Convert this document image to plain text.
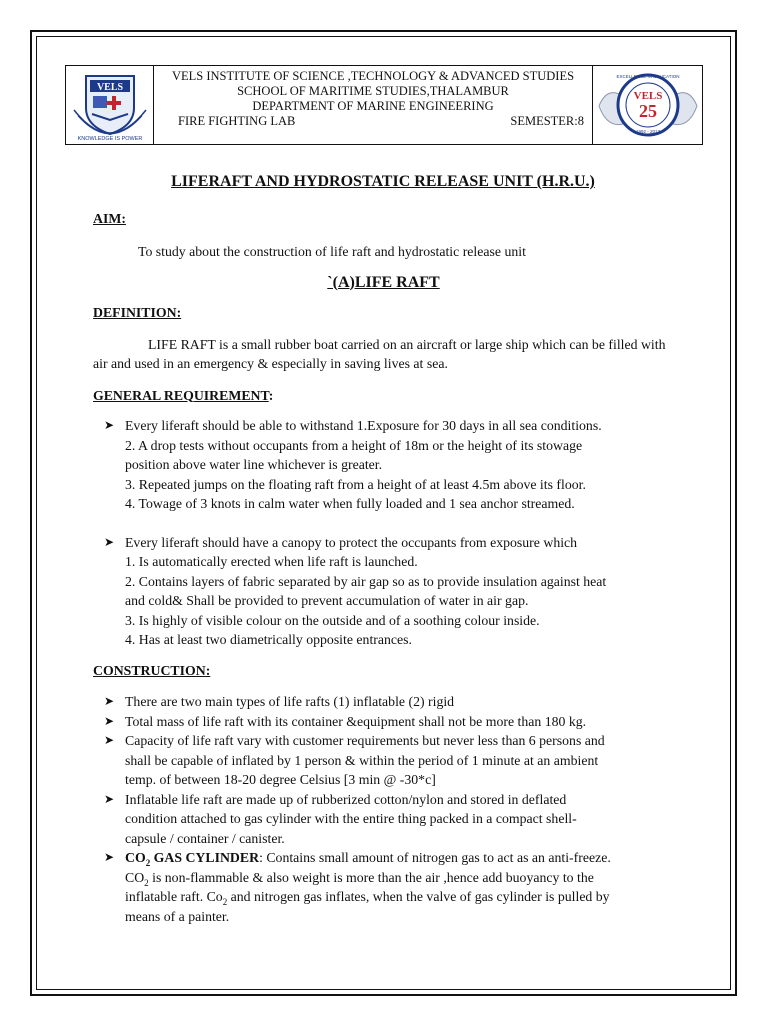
VELS
KNOWLEDGE IS POWER
VELS INSTITUTE OF SCIENCE ,TECHNOLOGY & ADVANCED STUDIES
SCHOOL OF MARITIME STUDIES,THALAMBUR
DEPARTMENT OF MARINE ENGINEERING
FIRE FIGHTING LAB	SEMESTER:8
EXCELLENCE IN EDUCATION
VELS
25
1992 - 2017
LIFERAFT AND HYDROSTATIC RELEASE UNIT (H.R.U.)
AIM:
To study about the construction of life raft and hydrostatic release unit
`(A)LIFE RAFT
DEFINITION:
LIFE RAFT is a small rubber boat carried on an aircraft or large ship which can be filled with air and used in an emergency & especially in saving lives at sea.
GENERAL REQUIREMENT:
➤ Every liferaft should be able to withstand 1.Exposure for 30 days in all sea conditions.
2. A drop tests without occupants from a height of 18m or the height of its stowage
position above water line whichever is greater.
3. Repeated jumps on the floating raft from a height of at least 4.5m above its floor.
4. Towage of 3 knots in calm water when fully loaded and 1 sea anchor streamed.
➤ Every liferaft should have a canopy to protect the occupants from exposure which
1. Is automatically erected when life raft is launched.
2. Contains layers of fabric separated by air gap so as to provide insulation against heat
and cold& Shall be provided to prevent accumulation of water in air gap.
3. Is highly of visible colour on the outside and of a soothing colour inside.
4. Has at least two diametrically opposite entrances.
CONSTRUCTION:
➤ There are two main types of life rafts (1) inflatable (2) rigid
➤ Total mass of life raft with its container &equipment shall not be more than 180 kg.
➤ Capacity of life raft vary with customer requirements but never less than 6 persons and
shall be capable of inflated by 1 person & within the period of 1 minute at an ambient
temp. of between 18-20 degree Celsius [3 min @ -30*c]
➤ Inflatable life raft are made up of rubberized cotton/nylon and stored in deflated
condition attached to gas cylinder with the entire thing packed in a compact shell-
capsule / container / canister.
➤ $CO_2$ GAS CYLINDER: Contains small amount of nitrogen gas to act as an anti-freeze.
$CO_2$ is non-flammable & also weight is more than the air ,hence add buoyancy to the
inflatable raft. $Co_2$ and nitrogen gas inflates, when the valve of gas cylinder is pulled by
means of a painter.
